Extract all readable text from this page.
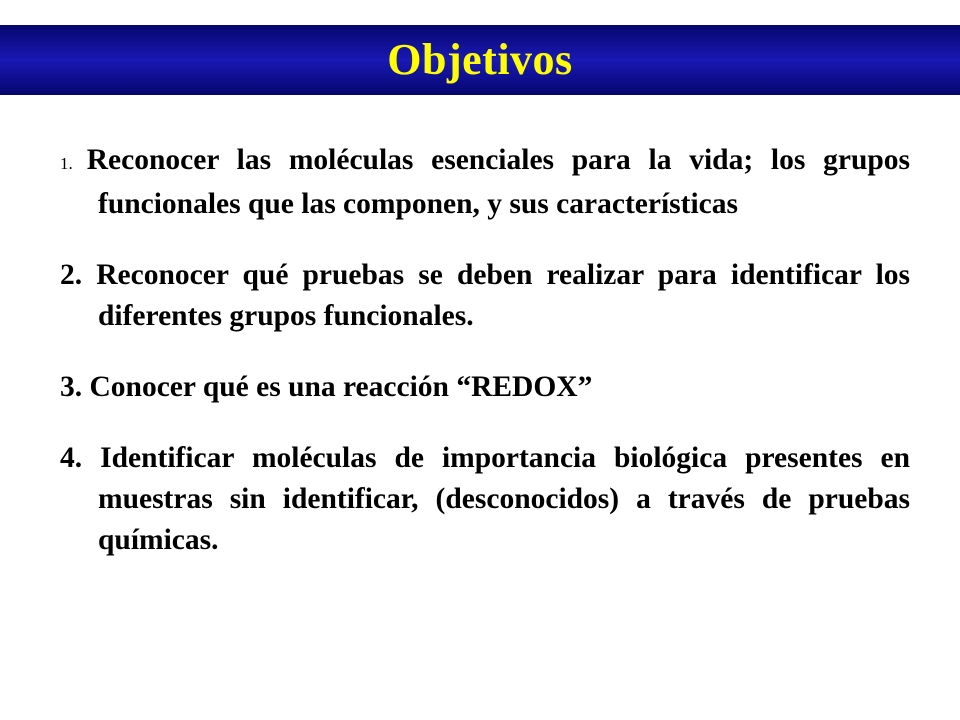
Objetivos
1. Reconocer las moléculas esenciales para la vida; los grupos funcionales que las componen, y sus características
2. Reconocer qué pruebas se deben realizar para identificar los diferentes grupos funcionales.
3. Conocer qué es una reacción “REDOX”
4. Identificar moléculas de importancia biológica presentes en muestras sin identificar, (desconocidos) a través de pruebas químicas.
